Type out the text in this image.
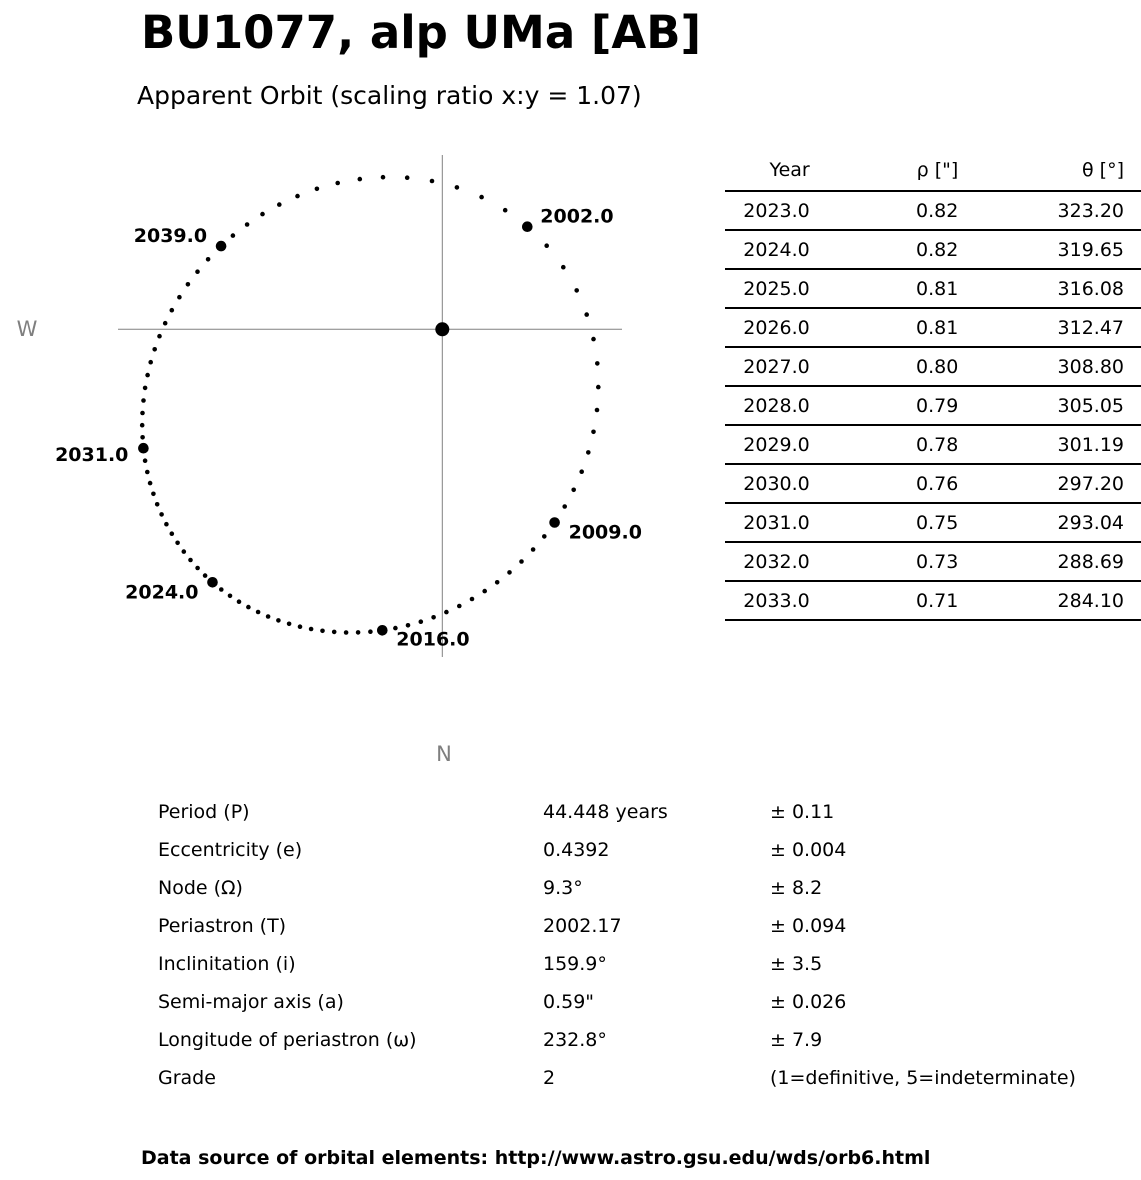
BU1077, alp UMa [AB]
Apparent Orbit (scaling ratio x:y = 1.07)
W
N
2002.0
2009.0
2016.0
2024.0
2031.0
2039.0
Year	ρ ["]	θ [°]
2023.0	0.82	323.20
2024.0	0.82	319.65
2025.0	0.81	316.08
2026.0	0.81	312.47
2027.0	0.80	308.80
2028.0	0.79	305.05
2029.0	0.78	301.19
2030.0	0.76	297.20
2031.0	0.75	293.04
2032.0	0.73	288.69
2033.0	0.71	284.10
Period (P)	44.448 years	± 0.11
Eccentricity (e)	0.4392	± 0.004
Node (Ω)	9.3°	± 8.2
Periastron (T)	2002.17	± 0.094
Inclinitation (i)	159.9°	± 3.5
Semi-major axis (a)	0.59"	± 0.026
Longitude of periastron (ω)	232.8°	± 7.9
Grade	2	(1=definitive, 5=indeterminate)
Data source of orbital elements: http://www.astro.gsu.edu/wds/orb6.html
